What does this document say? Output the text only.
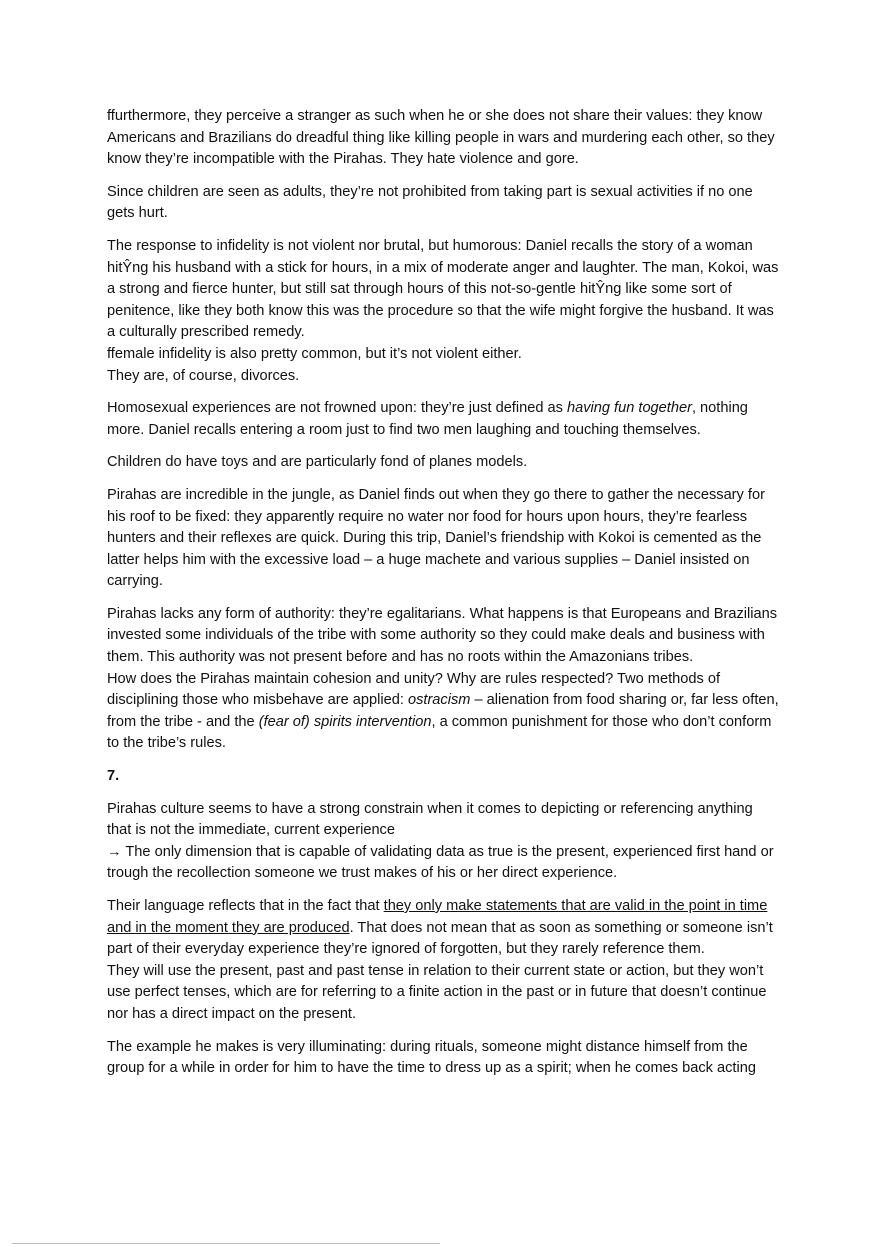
ffurthermore, they perceive a stranger as such when he or she does not share their values: they know Americans and Brazilians do dreadful thing like killing people in wars and murdering each other, so they know they’re incompatible with the Pirahas. They hate violence and gore.

Since children are seen as adults, they’re not prohibited from taking part is sexual activities if no one gets hurt.

The response to infidelity is not violent nor brutal, but humorous: Daniel recalls the story of a woman hitŶng his husband with a stick for hours, in a mix of moderate anger and laughter. The man, Kokoi, was a strong and fierce hunter, but still sat through hours of this not-so-gentle hitŶng like some sort of penitence, like they both know this was the procedure so that the wife might forgive the husband. It was a culturally prescribed remedy.
ffemale infidelity is also pretty common, but it’s not violent either.
They are, of course, divorces.

Homosexual experiences are not frowned upon: they’re just defined as having fun together, nothing more. Daniel recalls entering a room just to find two men laughing and touching themselves.

Children do have toys and are particularly fond of planes models.

Pirahas are incredible in the jungle, as Daniel finds out when they go there to gather the necessary for his roof to be fixed: they apparently require no water nor food for hours upon hours, they’re fearless hunters and their reflexes are quick. During this trip, Daniel’s friendship with Kokoi is cemented as the latter helps him with the excessive load – a huge machete and various supplies – Daniel insisted on carrying.

Pirahas lacks any form of authority: they’re egalitarians. What happens is that Europeans and Brazilians invested some individuals of the tribe with some authority so they could make deals and business with them. This authority was not present before and has no roots within the Amazonians tribes.
How does the Pirahas maintain cohesion and unity? Why are rules respected? Two methods of disciplining those who misbehave are applied: ostracism – alienation from food sharing or, far less often, from the tribe - and the (fear of) spirits intervention, a common punishment for those who don’t conform to the tribe’s rules.

7.

Pirahas culture seems to have a strong constrain when it comes to depicting or referencing anything that is not the immediate, current experience
→ The only dimension that is capable of validating data as true is the present, experienced first hand or trough the recollection someone we trust makes of his or her direct experience.
Their language reflects that in the fact that they only make statements that are valid in the point in time and in the moment they are produced. That does not mean that as soon as something or someone isn’t part of their everyday experience they’re ignored of forgotten, but they rarely reference them.
They will use the present, past and past tense in relation to their current state or action, but they won’t use perfect tenses, which are for referring to a finite action in the past or in future that doesn’t continue nor has a direct impact on the present.

The example he makes is very illuminating: during rituals, someone might distance himself from the group for a while in order for him to have the time to dress up as a spirit; when he comes back acting
